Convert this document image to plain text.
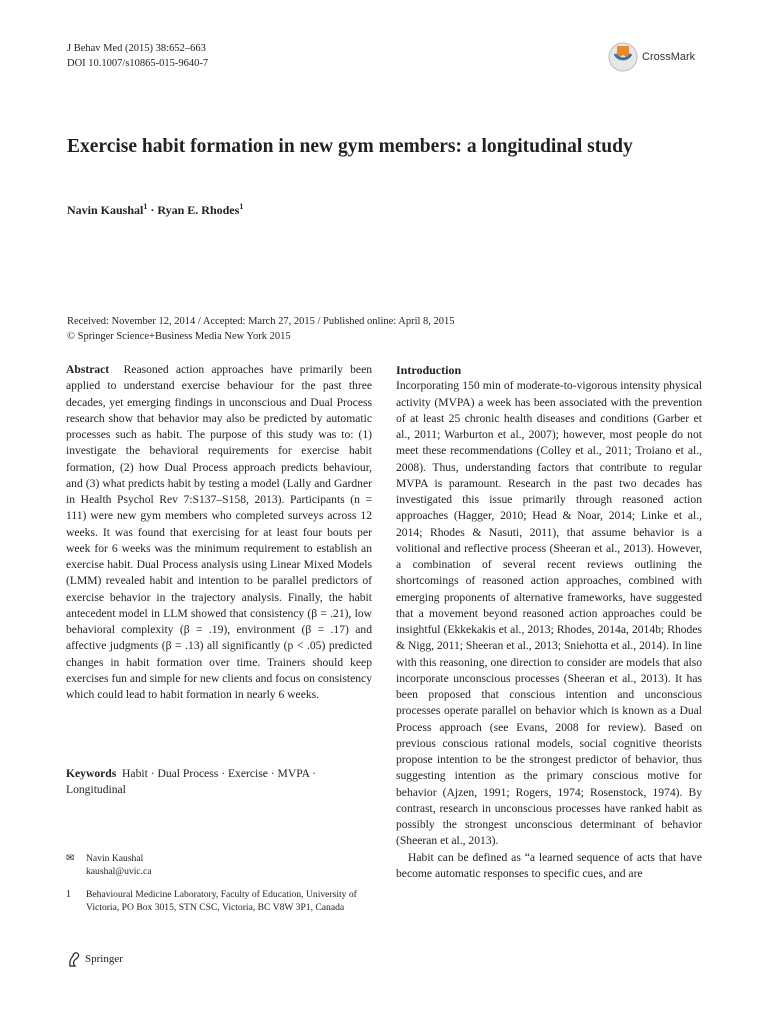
J Behav Med (2015) 38:652–663
DOI 10.1007/s10865-015-9640-7
CrossMark
Exercise habit formation in new gym members: a longitudinal study
Navin Kaushal$^1$ · Ryan E. Rhodes$^1$
Received: November 12, 2014 / Accepted: March 27, 2015 / Published online: April 8, 2015
© Springer Science+Business Media New York 2015

Abstract Reasoned action approaches have primarily been applied to understand exercise behaviour for the past three decades, yet emerging findings in unconscious and Dual Process research show that behavior may also be predicted by automatic processes such as habit. The purpose of this study was to: (1) investigate the behavioral requirements for exercise habit formation, (2) how Dual Process approach predicts behaviour, and (3) what predicts habit by testing a model (Lally and Gardner in Health Psychol Rev 7:S137–S158, 2013). Participants (n = 111) were new gym members who completed surveys across 12 weeks. It was found that exercising for at least four bouts per week for 6 weeks was the minimum requirement to establish an exercise habit. Dual Process analysis using Linear Mixed Models (LMM) revealed habit and intention to be parallel predictors of exercise behavior in the trajectory analysis. Finally, the habit antecedent model in LLM showed that consistency (β = .21), low behavioral complexity (β = .19), environment (β = .17) and affective judgments (β = .13) all significantly (p < .05) predicted changes in habit formation over time. Trainers should keep exercises fun and simple for new clients and focus on consistency which could lead to habit formation in nearly 6 weeks.

Keywords Habit · Dual Process · Exercise · MVPA · Longitudinal
✉	Navin Kaushal
kaushal@uvic.ca
1	Behavioural Medicine Laboratory, Faculty of Education, University of Victoria, PO Box 3015, STN CSC, Victoria, BC V8W 3P1, Canada
Springer

Introduction

Incorporating 150 min of moderate-to-vigorous intensity physical activity (MVPA) a week has been associated with the prevention of at least 25 chronic health diseases and conditions (Garber et al., 2011; Warburton et al., 2007); however, most people do not meet these recommendations (Colley et al., 2011; Troiano et al., 2008). Thus, understanding factors that contribute to regular MVPA is paramount. Research in the past two decades has investigated this issue primarily through reasoned action approaches (Hagger, 2010; Head & Noar, 2014; Linke et al., 2014; Rhodes & Nasuti, 2011), that assume behavior is a volitional and reflective process (Sheeran et al., 2013). However, a combination of several recent reviews outlining the shortcomings of reasoned action approaches, combined with emerging proponents of alternative frameworks, have suggested that a movement beyond reasoned action approaches could be insightful (Ekkekakis et al., 2013; Rhodes, 2014a, 2014b; Rhodes & Nigg, 2011; Sheeran et al., 2013; Sniehotta et al., 2014). In line with this reasoning, one direction to consider are models that also incorporate unconscious processes (Sheeran et al., 2013). It has been proposed that conscious intention and unconscious processes operate parallel on behavior which is known as a Dual Process approach (see Evans, 2008 for review). Based on previous conscious rational models, social cognitive theorists propose intention to be the strongest predictor of behavior, thus suggesting intention as the primary conscious motive for behavior (Ajzen, 1991; Rogers, 1974; Rosenstock, 1974). By contrast, research in unconscious processes have ranked habit as possibly the strongest unconscious determinant of behavior (Sheeran et al., 2013).

Habit can be defined as “a learned sequence of acts that have become automatic responses to specific cues, and are
